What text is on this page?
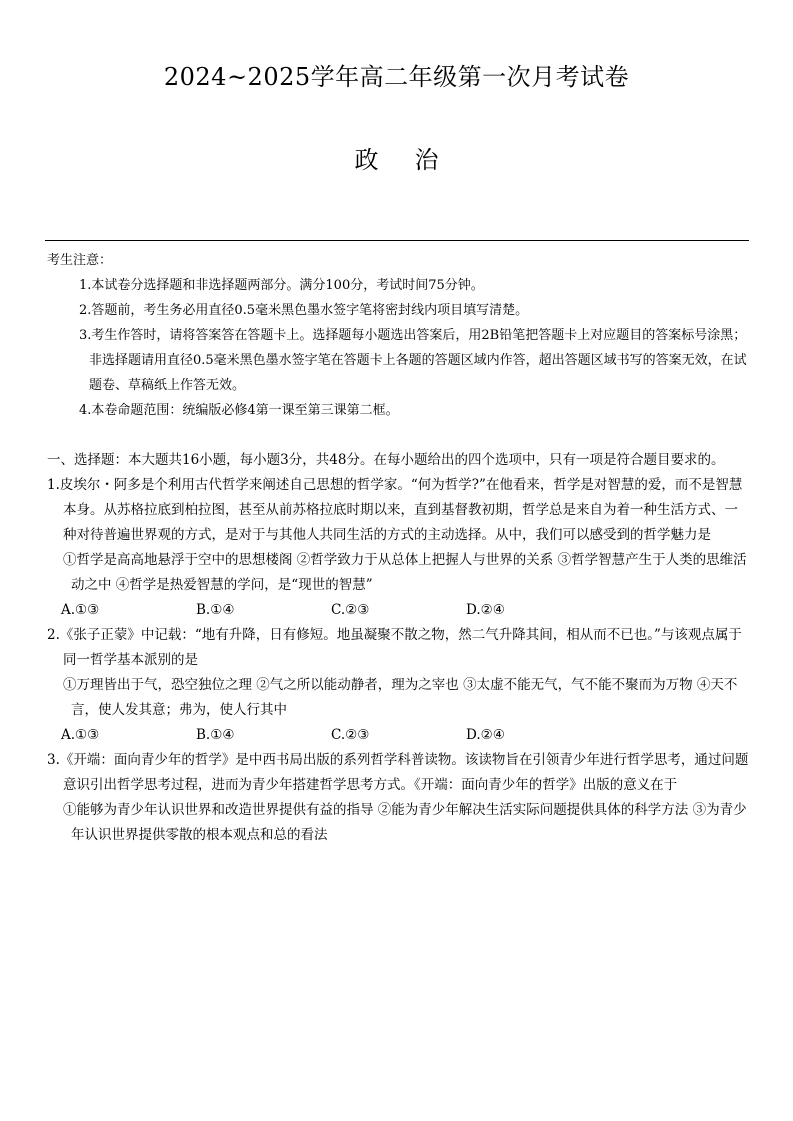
2024~2025学年高二年级第一次月考试卷
政治

考生注意：

1.本试卷分选择题和非选择题两部分。满分100分，考试时间75分钟。

2.答题前，考生务必用直径0.5毫米黑色墨水签字笔将密封线内项目填写清楚。

3.考生作答时，请将答案答在答题卡上。选择题每小题选出答案后，用2B铅笔把答题卡上对应题目的答案标号涂黑；非选择题请用直径0.5毫米黑色墨水签字笔在答题卡上各题的答题区域内作答，超出答题区域书写的答案无效，在试题卷、草稿纸上作答无效。

4.本卷命题范围：统编版必修4第一课至第三课第二框。

一、选择题：本大题共16小题，每小题3分，共48分。在每小题给出的四个选项中，只有一项是符合题目要求的。

1.皮埃尔・阿多是个利用古代哲学来阐述自己思想的哲学家。“何为哲学?”在他看来，哲学是对智慧的爱，而不是智慧本身。从苏格拉底到柏拉图，甚至从前苏格拉底时期以来，直到基督教初期，哲学总是来自为着一种生活方式、一种对待普遍世界观的方式，是对于与其他人共同生活的方式的主动选择。从中，我们可以感受到的哲学魅力是

①哲学是高高地悬浮于空中的思想楼阁 ②哲学致力于从总体上把握人与世界的关系 ③哲学智慧产生于人类的思维活动之中 ④哲学是热爱智慧的学问，是“现世的智慧”

A.①③	B.①④	C.②③	D.②④

2.《张子正蒙》中记载：“地有升降，日有修短。地虽凝聚不散之物，然二气升降其间，相从而不已也。”与该观点属于同一哲学基本派别的是

①万理皆出于气，恐空独位之理 ②气之所以能动静者，理为之宰也 ③太虚不能无气，气不能不聚而为万物 ④天不言，使人发其意；弗为，使人行其中

A.①③	B.①④	C.②③	D.②④

3.《开端：面向青少年的哲学》是中西书局出版的系列哲学科普读物。该读物旨在引领青少年进行哲学思考，通过问题意识引出哲学思考过程，进而为青少年搭建哲学思考方式。《开端：面向青少年的哲学》出版的意义在于

①能够为青少年认识世界和改造世界提供有益的指导 ②能为青少年解决生活实际问题提供具体的科学方法 ③为青少年认识世界提供零散的根本观点和总的看法
